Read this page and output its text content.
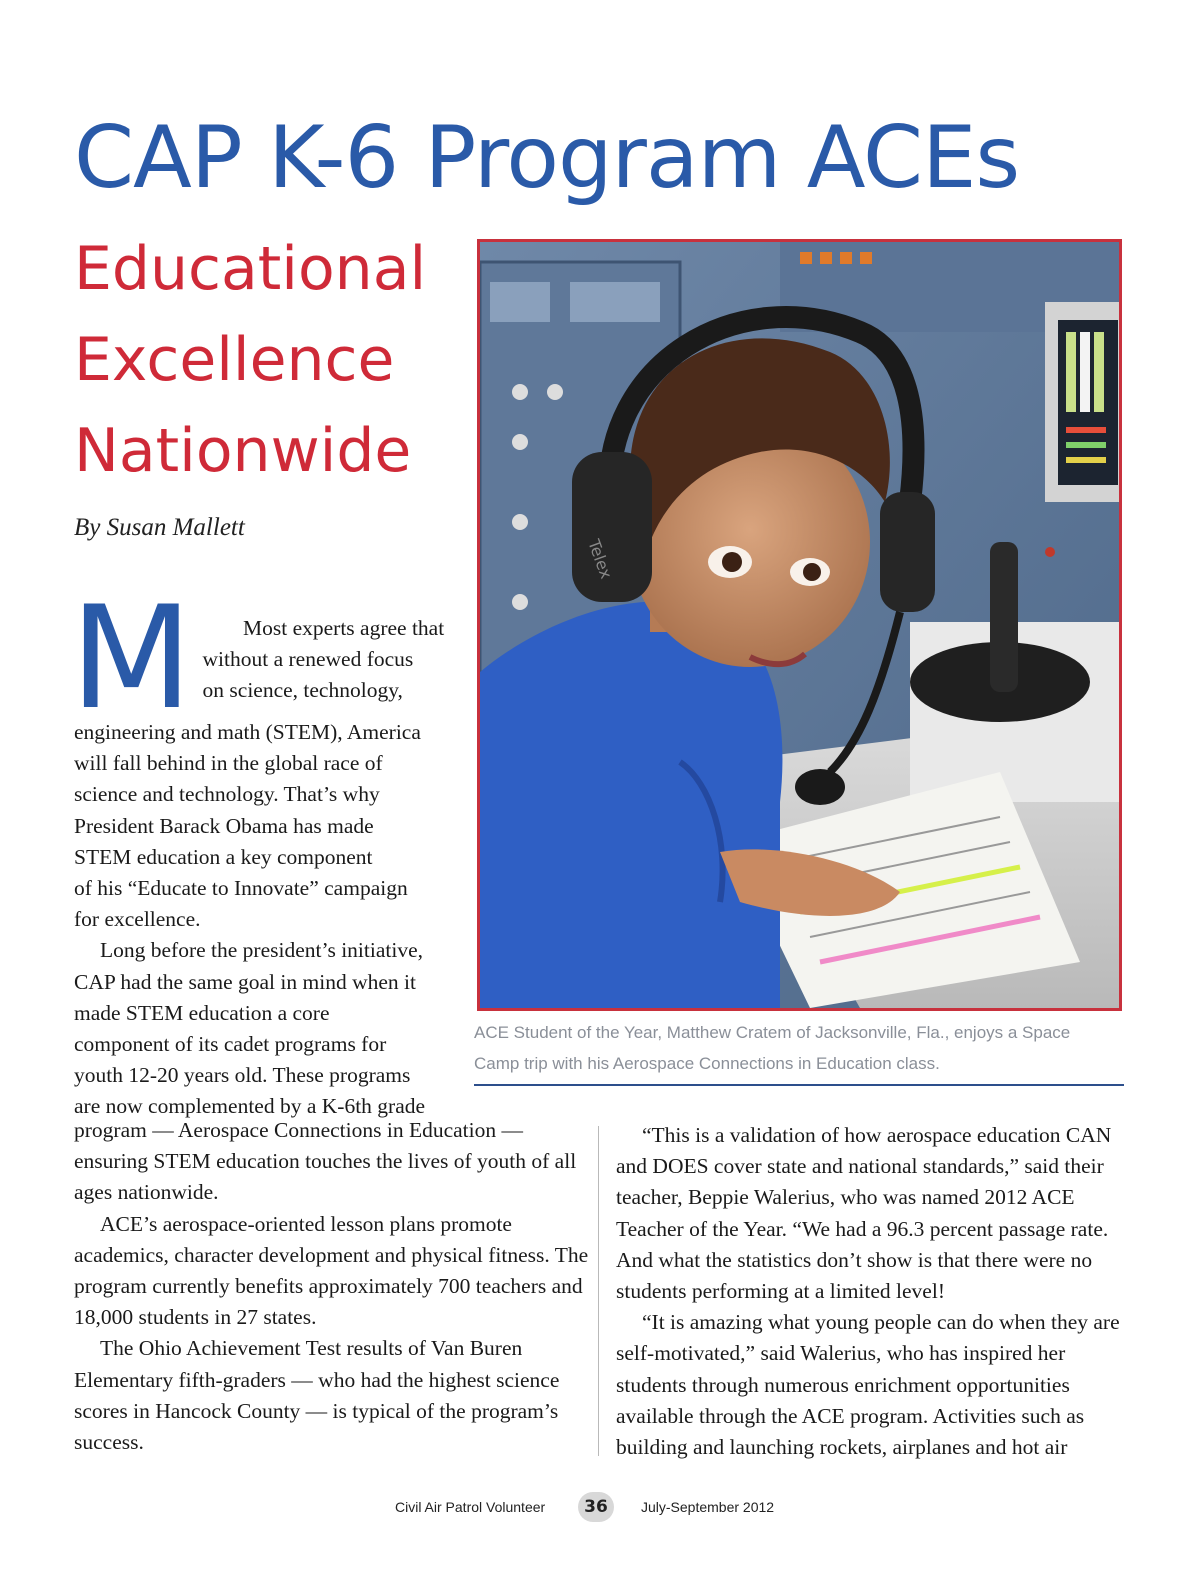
CAP K-6 Program ACEs
Educational
Excellence
Nationwide
By Susan Mallett
M	Most experts agree that
without a renewed focus
on science, technology,
engineering and math (STEM), America
will fall behind in the global race of
science and technology. That’s why
President Barack Obama has made
STEM education a key component
of his “Educate to Innovate” campaign
for excellence.
Long before the president’s initiative,
CAP had the same goal in mind when it
made STEM education a core
component of its cadet programs for
youth 12-20 years old. These programs
are now complemented by a K-6th grade

program — Aerospace Connections in Education — ensuring STEM education touches the lives of youth of all ages nationwide.

ACE’s aerospace-oriented lesson plans promote academics, character development and physical fitness. The program currently benefits approximately 700 teachers and 18,000 students in 27 states.

The Ohio Achievement Test results of Van Buren Elementary fifth-graders — who had the highest science scores in Hancock County — is typical of the program’s success.

“This is a validation of how aerospace education CAN and DOES cover state and national standards,” said their teacher, Beppie Walerius, who was named 2012 ACE Teacher of the Year. “We had a 96.3 percent passage rate. And what the statistics don’t show is that there were no students performing at a limited level!

“It is amazing what young people can do when they are self-motivated,” said Walerius, who has inspired her students through numerous enrichment opportunities available through the ACE program. Activities such as building and launching rockets, airplanes and hot air

Telex
ACE Student of the Year, Matthew Cratem of Jacksonville, Fla., enjoys a Space
Camp trip with his Aerospace Connections in Education class.
Civil Air Patrol Volunteer	36	July-September 2012
